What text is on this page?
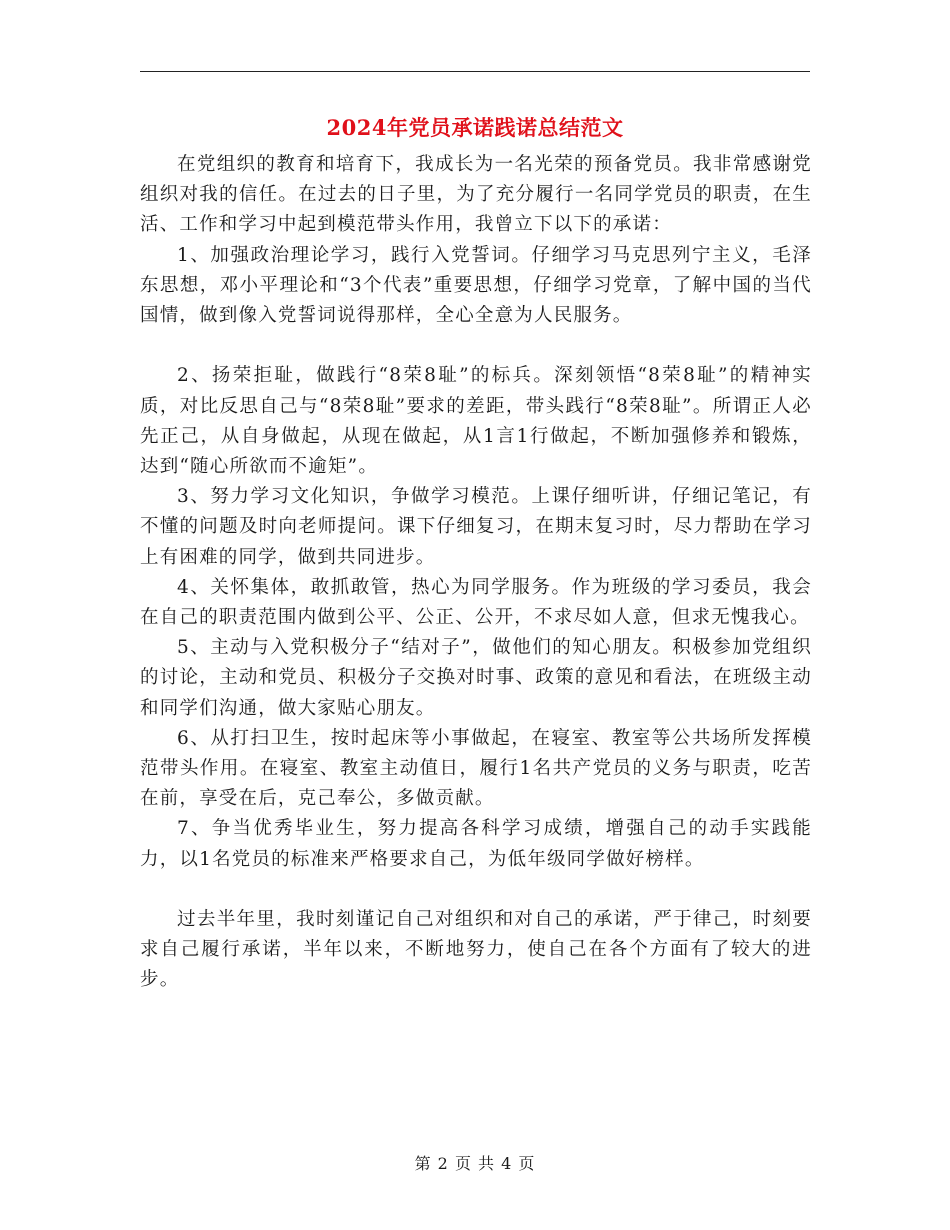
2024年党员承诺践诺总结范文

在党组织的教育和培育下，我成长为一名光荣的预备党员。我非常感谢党组织对我的信任。在过去的日子里，为了充分履行一名同学党员的职责，在生活、工作和学习中起到模范带头作用，我曾立下以下的承诺：

1、加强政治理论学习，践行入党誓词。仔细学习马克思列宁主义，毛泽东思想，邓小平理论和“3个代表”重要思想，仔细学习党章，了解中国的当代国情，做到像入党誓词说得那样，全心全意为人民服务。

2、扬荣拒耻，做践行“8荣8耻”的标兵。深刻领悟“8荣8耻”的精神实质，对比反思自己与“8荣8耻”要求的差距，带头践行“8荣8耻”。所谓正人必先正己，从自身做起，从现在做起，从1言1行做起，不断加强修养和锻炼，达到“随心所欲而不逾矩”。

3、努力学习文化知识，争做学习模范。上课仔细听讲，仔细记笔记，有不懂的问题及时向老师提问。课下仔细复习，在期末复习时，尽力帮助在学习上有困难的同学，做到共同进步。

4、关怀集体，敢抓敢管，热心为同学服务。作为班级的学习委员，我会在自己的职责范围内做到公平、公正、公开，不求尽如人意，但求无愧我心。

5、主动与入党积极分子“结对子”，做他们的知心朋友。积极参加党组织的讨论，主动和党员、积极分子交换对时事、政策的意见和看法，在班级主动和同学们沟通，做大家贴心朋友。

6、从打扫卫生，按时起床等小事做起，在寝室、教室等公共场所发挥模范带头作用。在寝室、教室主动值日，履行1名共产党员的义务与职责，吃苦在前，享受在后，克己奉公，多做贡献。

7、争当优秀毕业生，努力提高各科学习成绩，增强自己的动手实践能力，以1名党员的标准来严格要求自己，为低年级同学做好榜样。

过去半年里，我时刻谨记自己对组织和对自己的承诺，严于律己，时刻要求自己履行承诺，半年以来，不断地努力，使自己在各个方面有了较大的进步。

第 2 页 共 4 页
